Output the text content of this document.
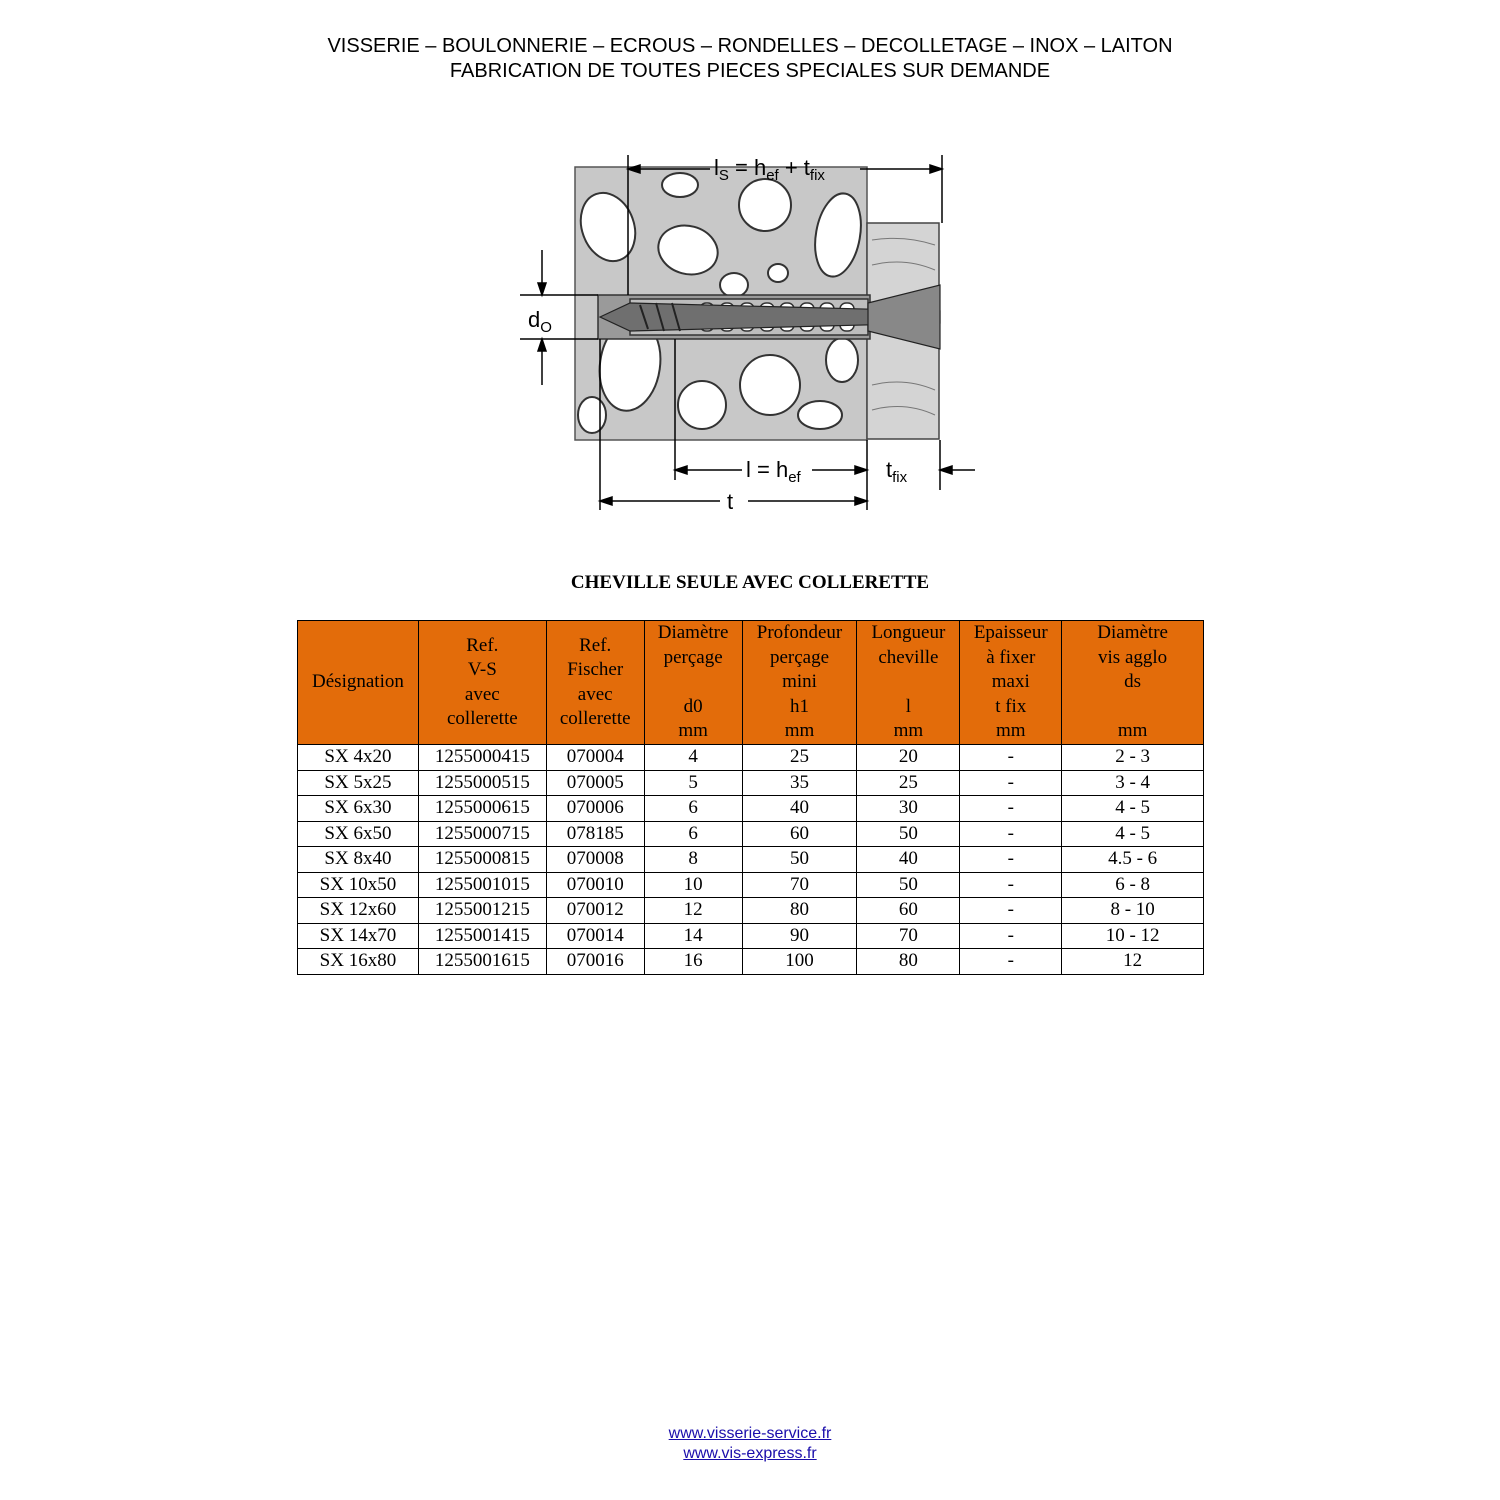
VISSERIE – BOULONNERIE – ECROUS – RONDELLES – DECOLLETAGE – INOX – LAITON
FABRICATION DE TOUTES PIECES SPECIALES SUR DEMANDE
$l_S = h_{ef} + t_{fix}$
$d_O$
$l = h_{ef}$
t
$t_{fix}$
CHEVILLE SEULE AVEC COLLERETTE
Désignation	Ref.
V-S
avec
collerette	Ref.
Fischer
avec
collerette	Diamètre
perçage

d0
mm	Profondeur
perçage
mini
h1
mm	Longueur
cheville

l
mm	Epaisseur
à fixer
maxi
t fix
mm	Diamètre
vis agglo
ds

mm
SX 4x20	1255000415	070004	4	25	20	-	2 - 3
SX 5x25	1255000515	070005	5	35	25	-	3 - 4
SX 6x30	1255000615	070006	6	40	30	-	4 - 5
SX 6x50	1255000715	078185	6	60	50	-	4 - 5
SX 8x40	1255000815	070008	8	50	40	-	4.5 - 6
SX 10x50	1255001015	070010	10	70	50	-	6 - 8
SX 12x60	1255001215	070012	12	80	60	-	8 - 10
SX 14x70	1255001415	070014	14	90	70	-	10 - 12
SX 16x80	1255001615	070016	16	100	80	-	12
www.visserie-service.fr
www.vis-express.fr
